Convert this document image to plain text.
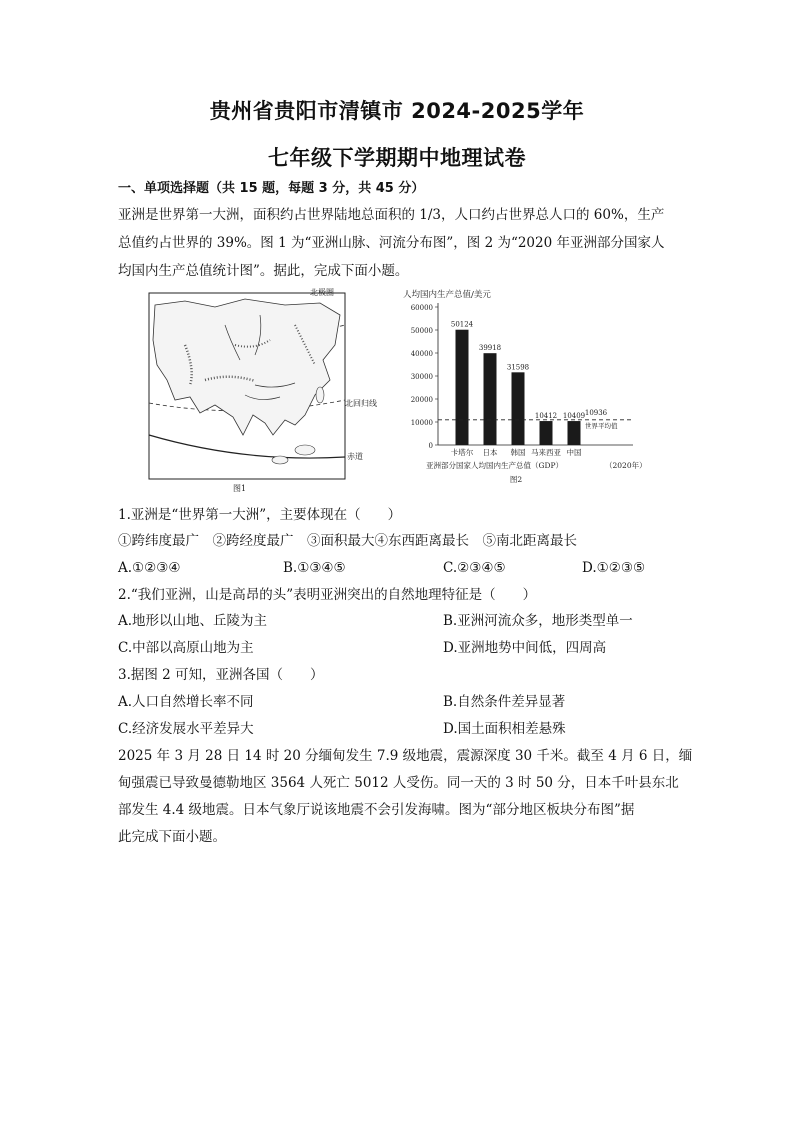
贵州省贵阳市清镇市 2024-2025学年
七年级下学期期中地理试卷
一、单项选择题（共 15 题，每题 3 分，共 45 分）
亚洲是世界第一大洲，面积约占世界陆地总面积的 1/3，人口约占世界总人口的 60%，生产
总值约占世界的 39%。图 1 为“亚洲山脉、河流分布图”，图 2 为“2020 年亚洲部分国家人
均国内生产总值统计图”。据此，完成下面小题。
北极圈
北回归线
赤道
图1
人均国内生产总值/美元
0
10000
20000
30000
40000
50000
60000
50124
卡塔尔
39918
日本
31598
韩国
10412
马来西亚
10409
中国
10936
世界平均值
亚洲部分国家人均国内生产总值（GDP）	（2020年）
图2
1.亚洲是“世界第一大洲”，主要体现在（　　）
①跨纬度最广　②跨经度最广　③面积最大④东西距离最长　⑤南北距离最长
A.①②③④	B.①③④⑤	C.②③④⑤	D.①②③⑤
2.“我们亚洲，山是高昂的头”表明亚洲突出的自然地理特征是（　　）
A.地形以山地、丘陵为主	B.亚洲河流众多，地形类型单一
C.中部以高原山地为主	D.亚洲地势中间低，四周高
3.据图 2 可知，亚洲各国（　　）
A.人口自然增长率不同	B.自然条件差异显著
C.经济发展水平差异大	D.国土面积相差悬殊
2025 年 3 月 28 日 14 时 20 分缅甸发生 7.9 级地震，震源深度 30 千米。截至 4 月 6 日，缅
甸强震已导致曼德勒地区 3564 人死亡 5012 人受伤。同一天的 3 时 50 分，日本千叶县东北
部发生 4.4 级地震。日本气象厅说该地震不会引发海啸。图为“部分地区板块分布图”据
此完成下面小题。
